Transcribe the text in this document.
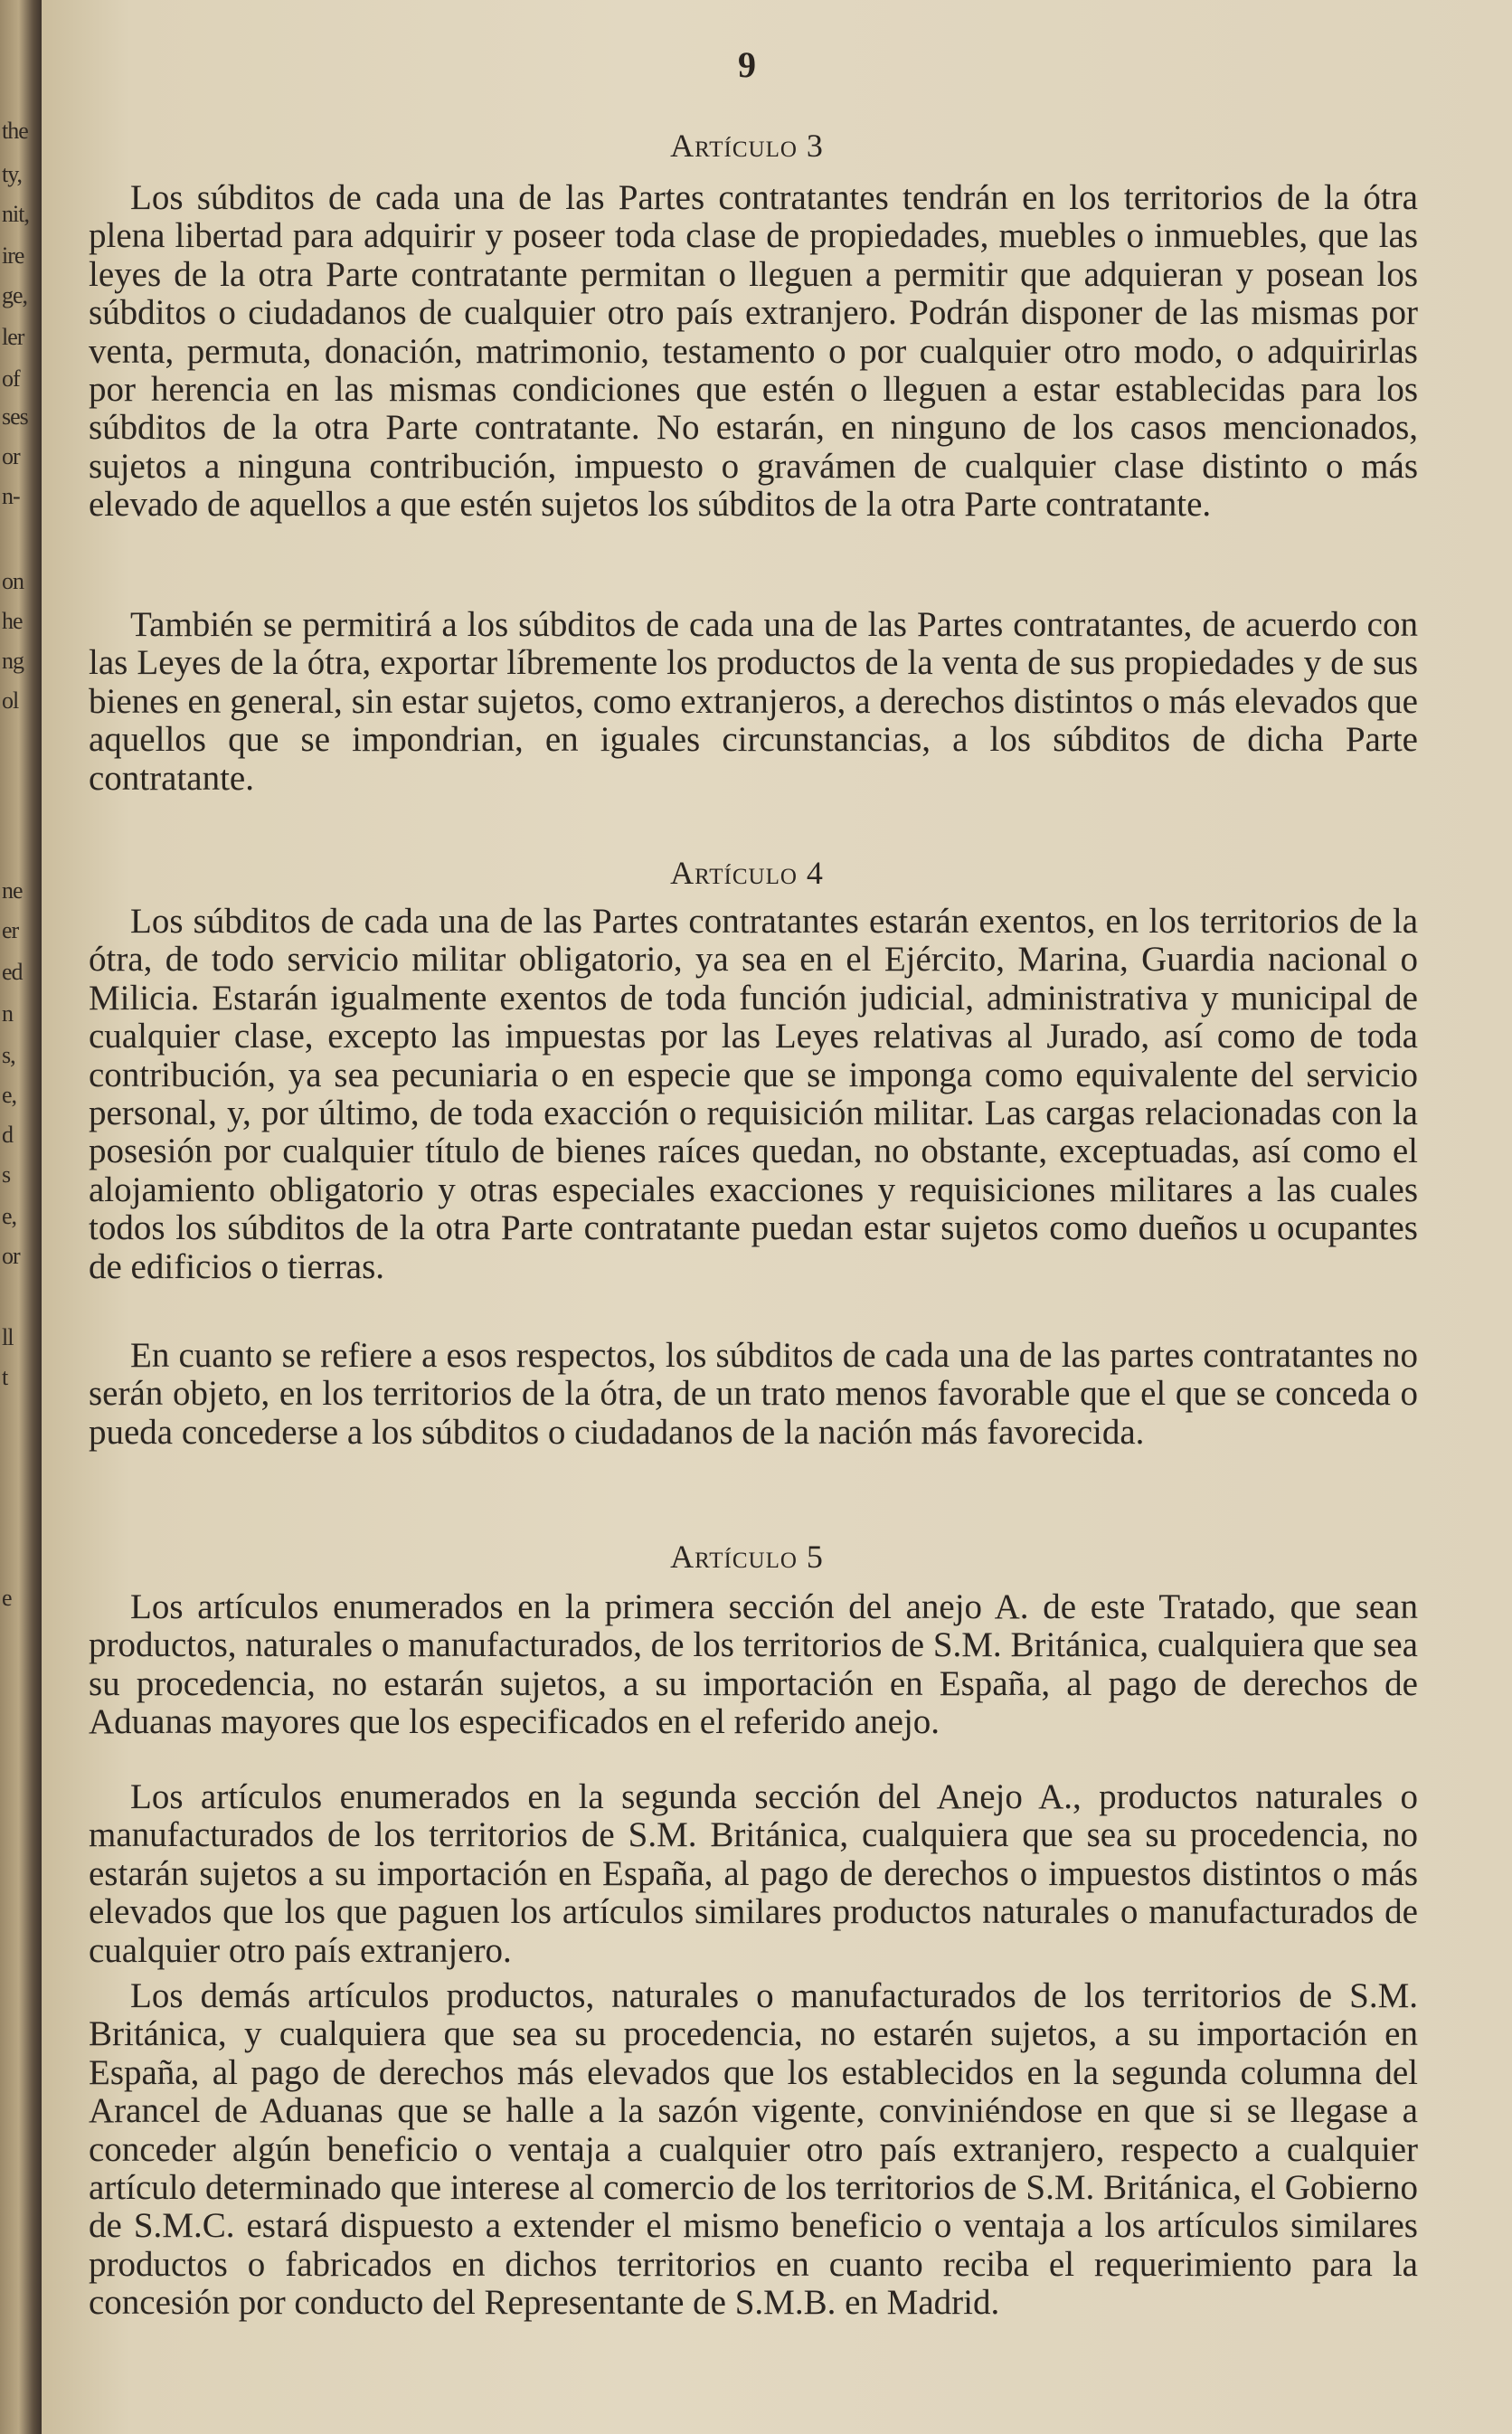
the
ty,
nit,
ire
ge,
ler
of
ses
or
n-
on
he
ng
ol
ne
er
ed
n
s,
e,
d
s
e,
or
ll
t
e
9
Artículo 3

Los súbditos de cada una de las Partes contratantes tendrán en los territorios de la ótra plena libertad para adquirir y poseer toda clase de propiedades, muebles o inmuebles, que las leyes de la otra Parte contratante permitan o lleguen a permitir que adquieran y posean los súbditos o ciudadanos de cualquier otro país extranjero. Podrán disponer de las mismas por venta, permuta, donación, matrimonio, testamento o por cualquier otro modo, o adquirirlas por herencia en las mismas condiciones que estén o lleguen a estar establecidas para los súbditos de la otra Parte contratante. No estarán, en ninguno de los casos mencionados, sujetos a ninguna contribución, impuesto o gravámen de cualquier clase distinto o más elevado de aquellos a que estén sujetos los súbditos de la otra Parte contratante.

También se permitirá a los súbditos de cada una de las Partes contratantes, de acuerdo con las Leyes de la ótra, exportar líbremente los productos de la venta de sus propiedades y de sus bienes en general, sin estar sujetos, como extranjeros, a derechos distintos o más elevados que aquellos que se impondrian, en iguales circunstancias, a los súbditos de dicha Parte contratante.

Artículo 4

Los súbditos de cada una de las Partes contratantes estarán exentos, en los territorios de la ótra, de todo servicio militar obligatorio, ya sea en el Ejército, Marina, Guardia nacional o Milicia. Estarán igualmente exentos de toda función judicial, administrativa y municipal de cualquier clase, excepto las impuestas por las Leyes relativas al Jurado, así como de toda contribución, ya sea pecuniaria o en especie que se imponga como equivalente del servicio personal, y, por último, de toda exacción o requisición militar. Las cargas relacionadas con la posesión por cualquier título de bienes raíces quedan, no obstante, exceptuadas, así como el alojamiento obligatorio y otras especiales exacciones y requisiciones militares a las cuales todos los súbditos de la otra Parte contratante puedan estar sujetos como dueños u ocupantes de edificios o tierras.

En cuanto se refiere a esos respectos, los súbditos de cada una de las partes contratantes no serán objeto, en los territorios de la ótra, de un trato menos favorable que el que se conceda o pueda concederse a los súbditos o ciudadanos de la nación más favorecida.

Artículo 5

Los artículos enumerados en la primera sección del anejo A. de este Tratado, que sean productos, naturales o manufacturados, de los territorios de S.M. Británica, cualquiera que sea su procedencia, no estarán sujetos, a su importación en España, al pago de derechos de Aduanas mayores que los especificados en el referido anejo.

Los artículos enumerados en la segunda sección del Anejo A., productos naturales o manufacturados de los territorios de S.M. Británica, cualquiera que sea su procedencia, no estarán sujetos a su importación en España, al pago de derechos o impuestos distintos o más elevados que los que paguen los artículos similares productos naturales o manufacturados de cualquier otro país extranjero.

Los demás artículos productos, naturales o manufacturados de los territorios de S.M. Británica, y cualquiera que sea su procedencia, no estarén sujetos, a su importación en España, al pago de derechos más elevados que los establecidos en la segunda columna del Arancel de Aduanas que se halle a la sazón vigente, conviniéndose en que si se llegase a conceder algún beneficio o ventaja a cualquier otro país extranjero, respecto a cualquier artículo determinado que interese al comercio de los territorios de S.M. Británica, el Gobierno de S.M.C. estará dispuesto a extender el mismo beneficio o ventaja a los artículos similares productos o fabricados en dichos territorios en cuanto reciba el requerimiento para la concesión por conducto del Representante de S.M.B. en Madrid.
